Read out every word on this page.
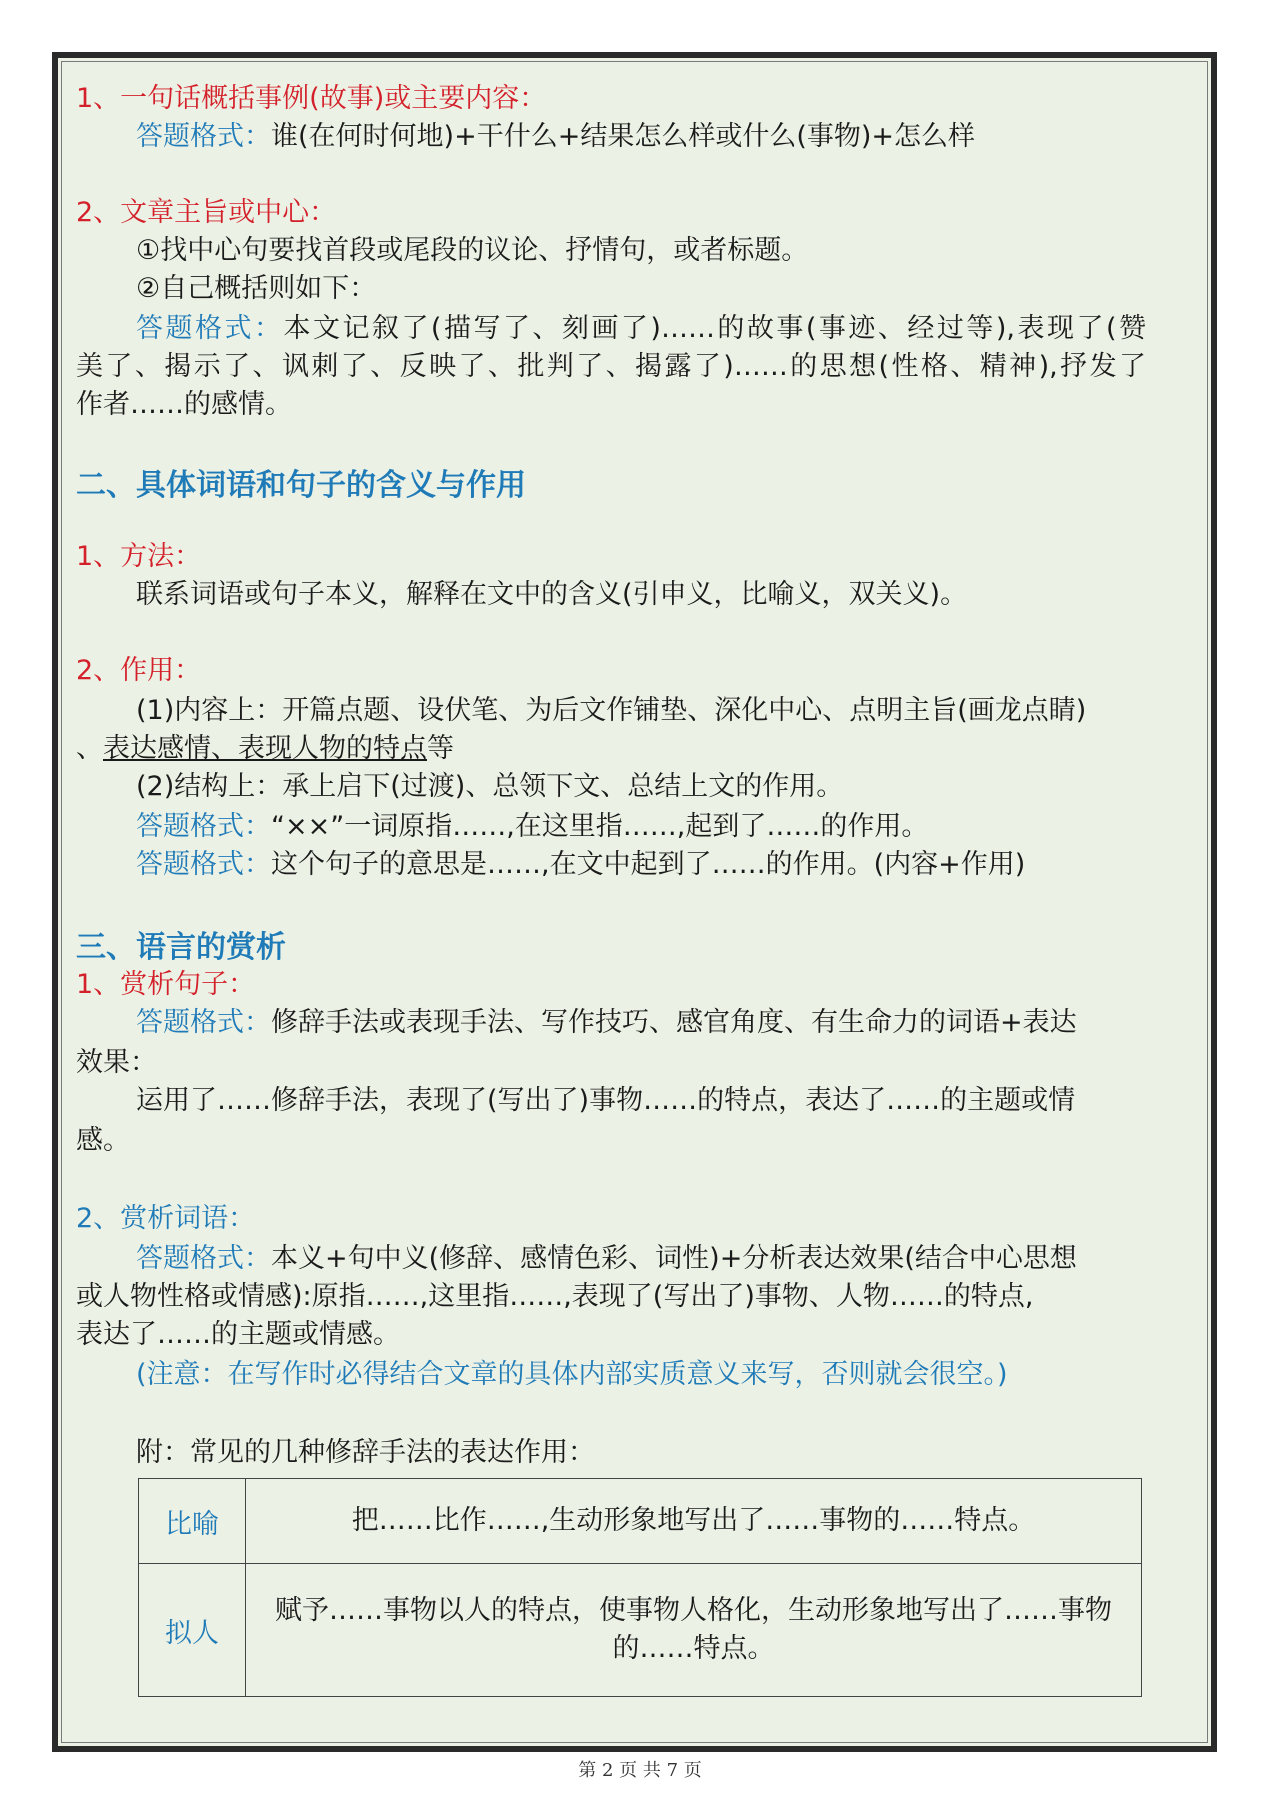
1、一句话概括事例(故事)或主要内容：
答题格式：谁(在何时何地)+干什么+结果怎么样或什么(事物)+怎么样
2、文章主旨或中心：
①找中心句要找首段或尾段的议论、抒情句，或者标题。
②自己概括则如下：
答题格式：本文记叙了(描写了、刻画了)……的故事(事迹、经过等),表现了(赞
美了、揭示了、讽刺了、反映了、批判了、揭露了)……的思想(性格、精神),抒发了
作者……的感情。
二、具体词语和句子的含义与作用
1、方法：
联系词语或句子本义，解释在文中的含义(引申义，比喻义，双关义)。
2、作用：
(1)内容上：开篇点题、设伏笔、为后文作铺垫、深化中心、点明主旨(画龙点睛)
、表达感情、表现人物的特点等
(2)结构上：承上启下(过渡)、总领下文、总结上文的作用。
答题格式：“××”一词原指……,在这里指……,起到了……的作用。
答题格式：这个句子的意思是……,在文中起到了……的作用。(内容+作用)
三、语言的赏析
1、赏析句子：
答题格式：修辞手法或表现手法、写作技巧、感官角度、有生命力的词语+表达
效果：
运用了……修辞手法，表现了(写出了)事物……的特点，表达了……的主题或情
感。
2、赏析词语：
答题格式：本义+句中义(修辞、感情色彩、词性)+分析表达效果(结合中心思想
或人物性格或情感):原指……,这里指……,表现了(写出了)事物、人物……的特点,
表达了……的主题或情感。
(注意：在写作时必得结合文章的具体内部实质意义来写，否则就会很空。)
附：常见的几种修辞手法的表达作用：
比喻	把……比作……,生动形象地写出了……事物的……特点。
拟人
赋予……事物以人的特点，使事物人格化，生动形象地写出了……事物的……特点。
第 2 页 共 7 页
